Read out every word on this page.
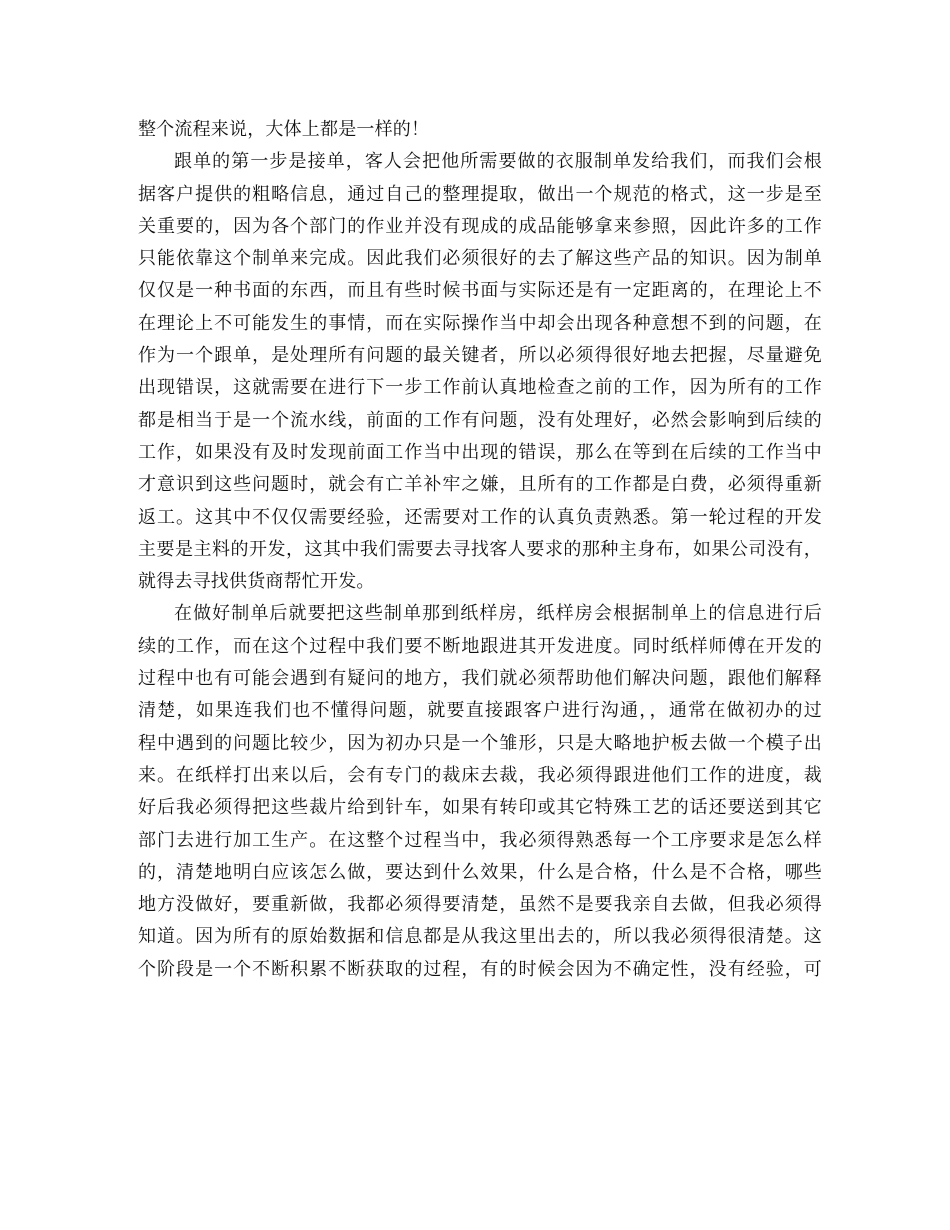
整个流程来说，大体上都是一样的！
跟单的第一步是接单，客人会把他所需要做的衣服制单发给我们，而我们会根
据客户提供的粗略信息，通过自己的整理提取，做出一个规范的格式，这一步是至
关重要的，因为各个部门的作业并没有现成的成品能够拿来参照，因此许多的工作
只能依靠这个制单来完成。因此我们必须很好的去了解这些产品的知识。因为制单
仅仅是一种书面的东西，而且有些时候书面与实际还是有一定距离的，在理论上不
在理论上不可能发生的事情，而在实际操作当中却会出现各种意想不到的问题，在
作为一个跟单，是处理所有问题的最关键者，所以必须得很好地去把握，尽量避免
出现错误，这就需要在进行下一步工作前认真地检查之前的工作，因为所有的工作
都是相当于是一个流水线，前面的工作有问题，没有处理好，必然会影响到后续的
工作，如果没有及时发现前面工作当中出现的错误，那么在等到在后续的工作当中
才意识到这些问题时，就会有亡羊补牢之嫌，且所有的工作都是白费，必须得重新
返工。这其中不仅仅需要经验，还需要对工作的认真负责熟悉。第一轮过程的开发
主要是主料的开发，这其中我们需要去寻找客人要求的那种主身布，如果公司没有，
就得去寻找供货商帮忙开发。
在做好制单后就要把这些制单那到纸样房，纸样房会根据制单上的信息进行后
续的工作，而在这个过程中我们要不断地跟进其开发进度。同时纸样师傅在开发的
过程中也有可能会遇到有疑问的地方，我们就必须帮助他们解决问题，跟他们解释
清楚，如果连我们也不懂得问题，就要直接跟客户进行沟通，，通常在做初办的过
程中遇到的问题比较少，因为初办只是一个雏形，只是大略地护板去做一个模子出
来。在纸样打出来以后，会有专门的裁床去裁，我必须得跟进他们工作的进度，裁
好后我必须得把这些裁片给到针车，如果有转印或其它特殊工艺的话还要送到其它
部门去进行加工生产。在这整个过程当中，我必须得熟悉每一个工序要求是怎么样
的，清楚地明白应该怎么做，要达到什么效果，什么是合格，什么是不合格，哪些
地方没做好，要重新做，我都必须得要清楚，虽然不是要我亲自去做，但我必须得
知道。因为所有的原始数据和信息都是从我这里出去的，所以我必须得很清楚。这
个阶段是一个不断积累不断获取的过程，有的时候会因为不确定性，没有经验，可
